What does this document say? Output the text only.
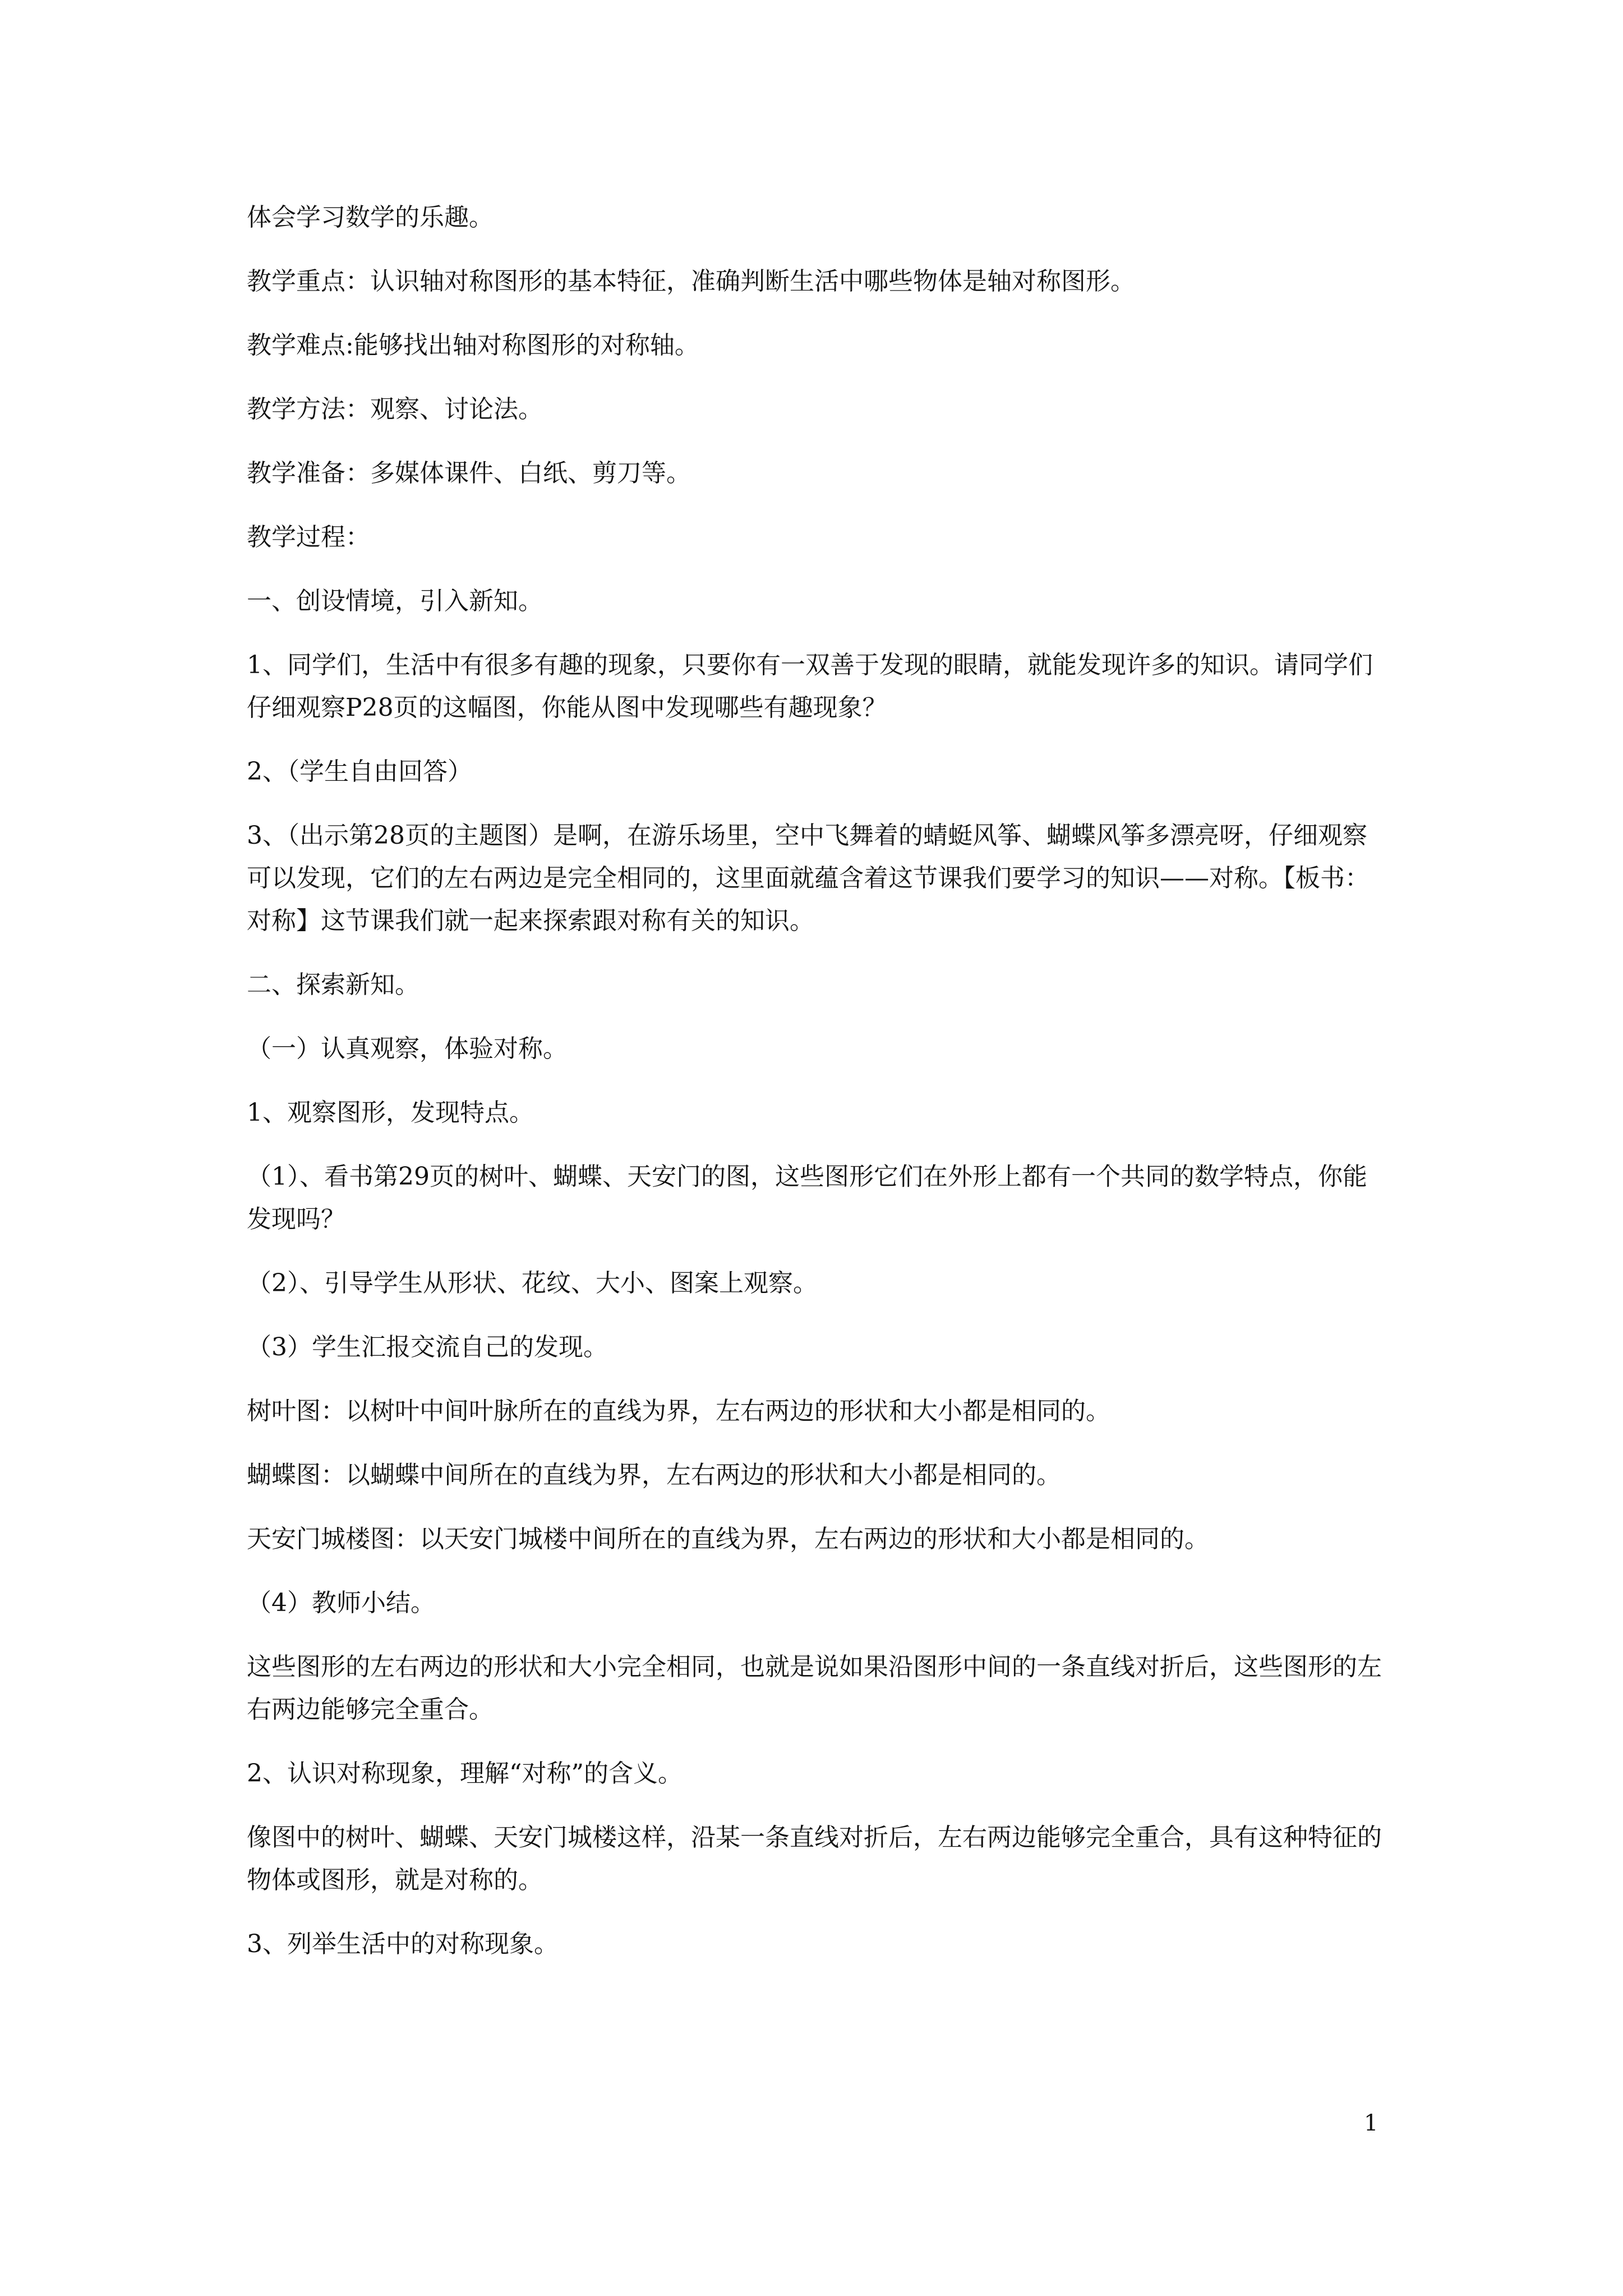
体会学习数学的乐趣。

教学重点：认识轴对称图形的基本特征，准确判断生活中哪些物体是轴对称图形。

教学难点:能够找出轴对称图形的对称轴。

教学方法：观察、讨论法。

教学准备：多媒体课件、白纸、剪刀等。

教学过程：

一、创设情境，引入新知。

1、同学们，生活中有很多有趣的现象，只要你有一双善于发现的眼睛，就能发现许多的知识。请同学们仔细观察P28页的这幅图，你能从图中发现哪些有趣现象？

2、（学生自由回答）

3、（出示第28页的主题图）是啊，在游乐场里，空中飞舞着的蜻蜓风筝、蝴蝶风筝多漂亮呀，仔细观察可以发现，它们的左右两边是完全相同的，这里面就蕴含着这节课我们要学习的知识——对称。【板书：对称】这节课我们就一起来探索跟对称有关的知识。

二、探索新知。

（一）认真观察，体验对称。

1、观察图形，发现特点。

（1）、看书第29页的树叶、蝴蝶、天安门的图，这些图形它们在外形上都有一个共同的数学特点，你能发现吗？

（2）、引导学生从形状、花纹、大小、图案上观察。

（3）学生汇报交流自己的发现。

树叶图：以树叶中间叶脉所在的直线为界，左右两边的形状和大小都是相同的。

蝴蝶图：以蝴蝶中间所在的直线为界，左右两边的形状和大小都是相同的。

天安门城楼图：以天安门城楼中间所在的直线为界，左右两边的形状和大小都是相同的。

（4）教师小结。

这些图形的左右两边的形状和大小完全相同，也就是说如果沿图形中间的一条直线对折后，这些图形的左右两边能够完全重合。

2、认识对称现象，理解“对称”的含义。

像图中的树叶、蝴蝶、天安门城楼这样，沿某一条直线对折后，左右两边能够完全重合，具有这种特征的物体或图形，就是对称的。

3、列举生活中的对称现象。

1
